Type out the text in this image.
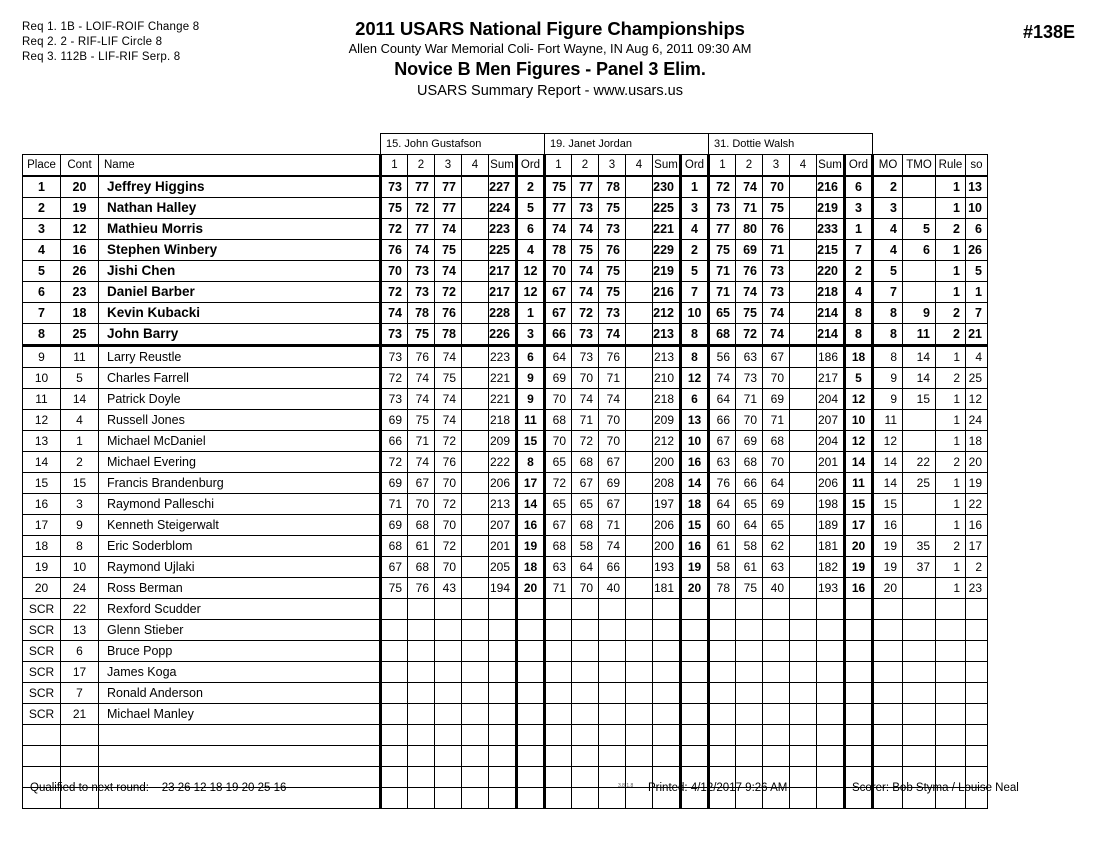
Req 1. 1B - LOIF-ROIF Change 8
Req 2. 2 - RIF-LIF Circle 8
Req 3. 112B - LIF-RIF Serp. 8
2011 USARS National Figure Championships
Allen County War Memorial Coli- Fort Wayne, IN Aug 6, 2011 09:30 AM
Novice B Men Figures - Panel 3 Elim.
USARS Summary Report - www.usars.us
#138E
			15. John Gustafson						19. Janet Jordan						31. Dottie Walsh									
Place	Cont	Name	1	2	3	4	Sum	Ord	1	2	3	4	Sum	Ord	1	2	3	4	Sum	Ord	MO	TMO	Rule	so
1	20	Jeffrey Higgins	73	77	77		227	2	75	77	78		230	1	72	74	70		216	6	2		1	13
2	19	Nathan Halley	75	72	77		224	5	77	73	75		225	3	73	71	75		219	3	3		1	10
3	12	Mathieu Morris	72	77	74		223	6	74	74	73		221	4	77	80	76		233	1	4	5	2	6
4	16	Stephen Winbery	76	74	75		225	4	78	75	76		229	2	75	69	71		215	7	4	6	1	26
5	26	Jishi Chen	70	73	74		217	12	70	74	75		219	5	71	76	73		220	2	5		1	5
6	23	Daniel Barber	72	73	72		217	12	67	74	75		216	7	71	74	73		218	4	7		1	1
7	18	Kevin Kubacki	74	78	76		228	1	67	72	73		212	10	65	75	74		214	8	8	9	2	7
8	25	John Barry	73	75	78		226	3	66	73	74		213	8	68	72	74		214	8	8	11	2	21
9	11	Larry Reustle	73	76	74		223	6	64	73	76		213	8	56	63	67		186	18	8	14	1	4
10	5	Charles Farrell	72	74	75		221	9	69	70	71		210	12	74	73	70		217	5	9	14	2	25
11	14	Patrick Doyle	73	74	74		221	9	70	74	74		218	6	64	71	69		204	12	9	15	1	12
12	4	Russell Jones	69	75	74		218	11	68	71	70		209	13	66	70	71		207	10	11		1	24
13	1	Michael McDaniel	66	71	72		209	15	70	72	70		212	10	67	69	68		204	12	12		1	18
14	2	Michael Evering	72	74	76		222	8	65	68	67		200	16	63	68	70		201	14	14	22	2	20
15	15	Francis Brandenburg	69	67	70		206	17	72	67	69		208	14	76	66	64		206	11	14	25	1	19
16	3	Raymond Palleschi	71	70	72		213	14	65	65	67		197	18	64	65	69		198	15	15		1	22
17	9	Kenneth Steigerwalt	69	68	70		207	16	67	68	71		206	15	60	64	65		189	17	16		1	16
18	8	Eric Soderblom	68	61	72		201	19	68	58	74		200	16	61	58	62		181	20	19	35	2	17
19	10	Raymond Ujlaki	67	68	70		205	18	63	64	66		193	19	58	61	63		182	19	19	37	1	2
20	24	Ross Berman	75	76	43		194	20	71	70	40		181	20	78	75	40		193	16	20		1	23
SCR	22	Rexford Scudder																						
SCR	13	Glenn Stieber																						
SCR	6	Bruce Popp																						
SCR	17	James Koga																						
SCR	7	Ronald Anderson																						
SCR	21	Michael Manley																						

Qualified to next round: 23 26 12 18 19 20 25 16	3.8.1.8 Printed: 4/12/2017 9:26 AM	Scorer: Bob Styma / Louise Neal
